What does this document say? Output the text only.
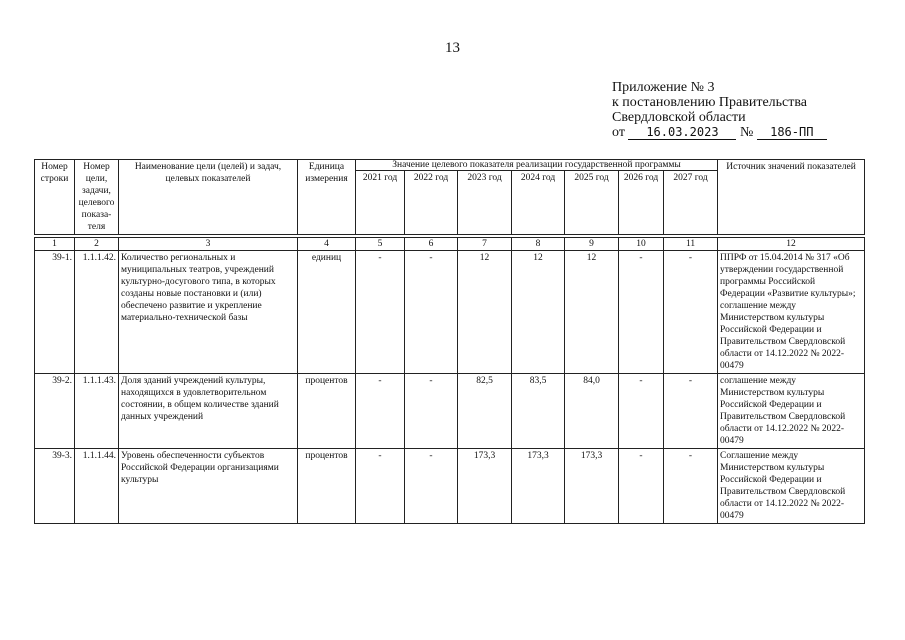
13
Приложение № 3
к постановлению Правительства
Свердловской области
от 16.03.2023 № 186-ПП
Номер строки	Номер цели, задачи, целевого показа-теля	Наименование цели (целей) и задач, целевых показателей	Единица измерения	Значение целевого показателя реализации государственной программы							Источник значений показателей
				2021 год	2022 год	2023 год	2024 год	2025 год	2026 год	2027 год	

1	2	3	4	5	6	7	8	9	10	11	12
39-1.	1.1.1.42.	Количество региональных и муниципальных театров, учреждений культурно-досугового типа, в которых созданы новые постановки и (или) обеспечено развитие и укрепление материально-технической базы	единиц	-	-	12	12	12	-	-	ППРФ от 15.04.2014 № 317 «Об утверждении государственной программы Российской Федерации «Развитие культуры»; соглашение между Министерством культуры Российской Федерации и Правительством Свердловской области от 14.12.2022 № 2022-00479
39-2.	1.1.1.43.	Доля зданий учреждений культуры, находящихся в удовлетворительном состоянии, в общем количестве зданий данных учреждений	процентов	-	-	82,5	83,5	84,0	-	-	соглашение между Министерством культуры Российской Федерации и Правительством Свердловской области от 14.12.2022 № 2022-00479
39-3.	1.1.1.44.	Уровень обеспеченности субъектов Российской Федерации организациями культуры	процентов	-	-	173,3	173,3	173,3	-	-	Соглашение между Министерством культуры Российской Федерации и Правительством Свердловской области от 14.12.2022 № 2022-00479
